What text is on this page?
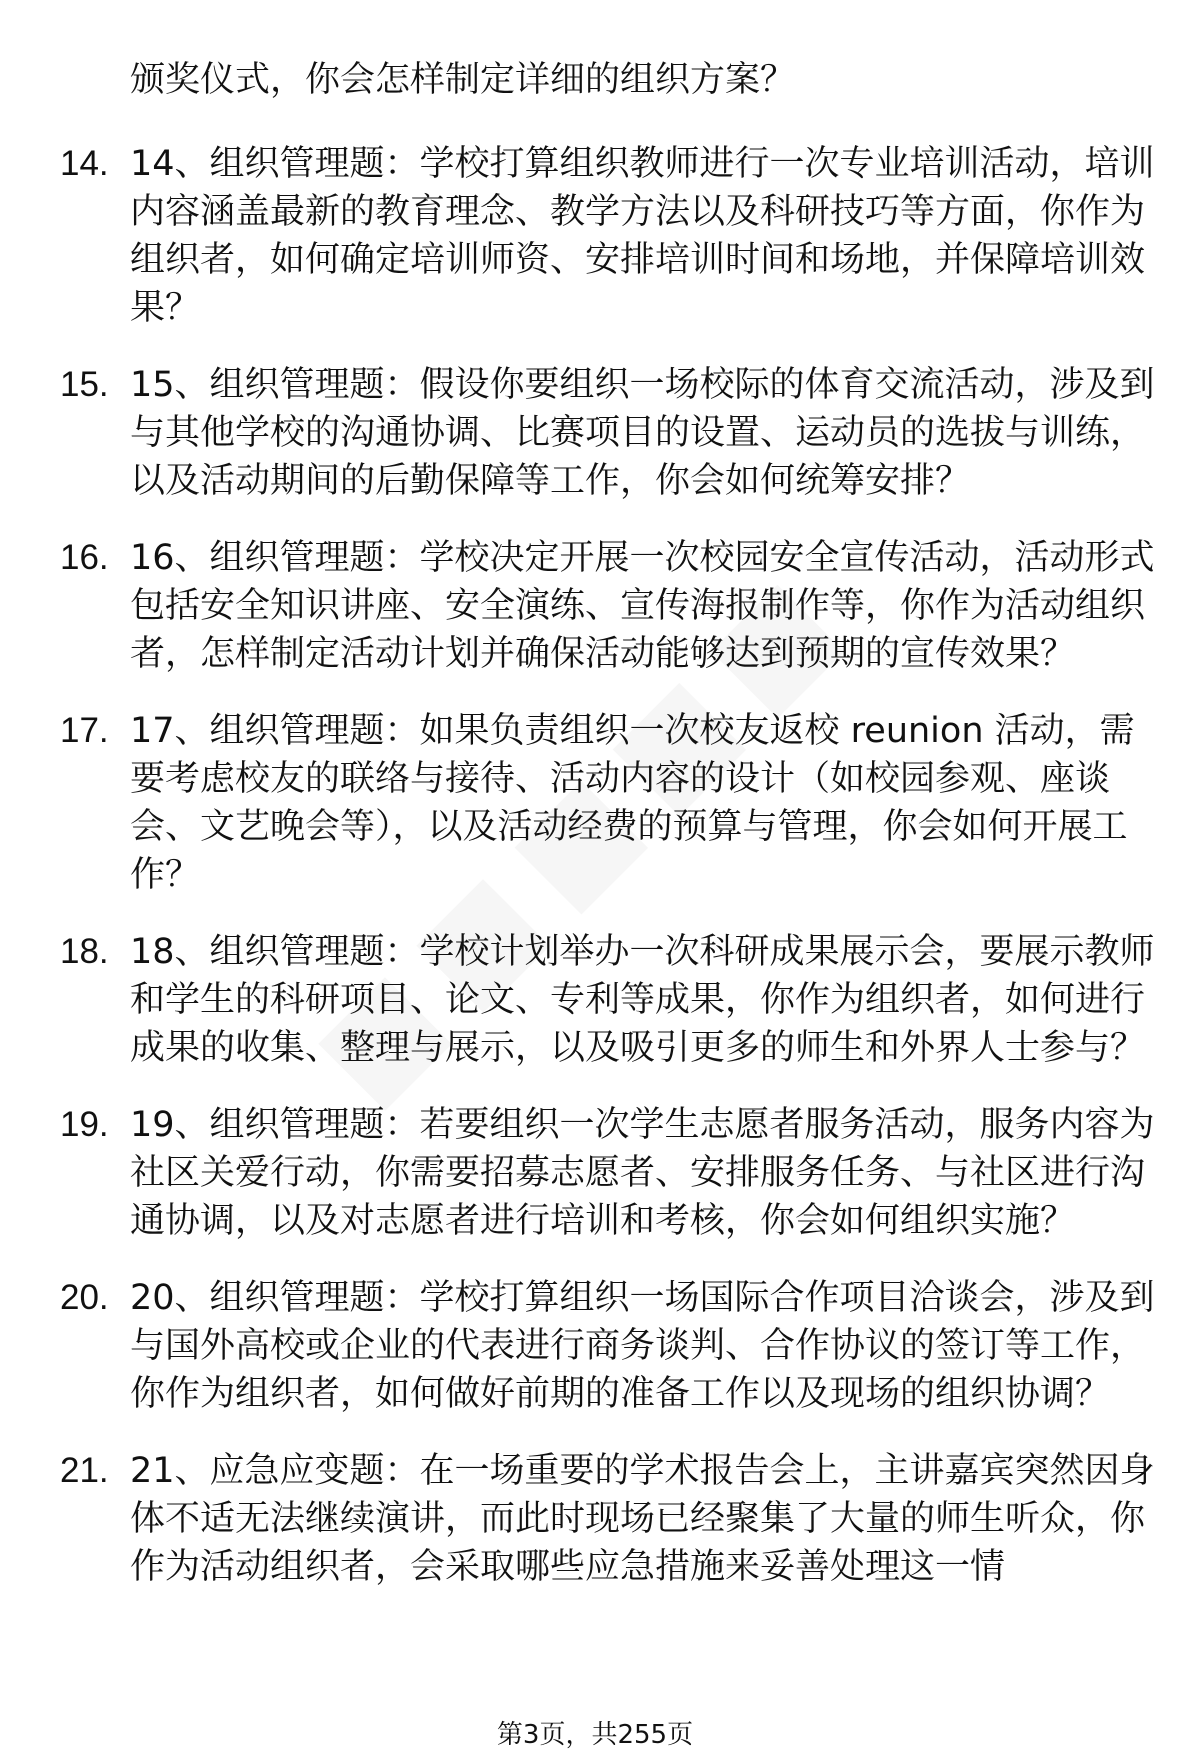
颁奖仪式，你会怎样制定详细的组织方案？

14. 14、组织管理题：学校打算组织教师进行一次专业培训活动，培训内容涵盖最新的教育理念、教学方法以及科研技巧等方面，你作为组织者，如何确定培训师资、安排培训时间和场地，并保障培训效果？
15. 15、组织管理题：假设你要组织一场校际的体育交流活动，涉及到与其他学校的沟通协调、比赛项目的设置、运动员的选拔与训练，以及活动期间的后勤保障等工作，你会如何统筹安排？
16. 16、组织管理题：学校决定开展一次校园安全宣传活动，活动形式包括安全知识讲座、安全演练、宣传海报制作等，你作为活动组织者，怎样制定活动计划并确保活动能够达到预期的宣传效果？
17. 17、组织管理题：如果负责组织一次校友返校 reunion 活动，需要考虑校友的联络与接待、活动内容的设计（如校园参观、座谈会、文艺晚会等），以及活动经费的预算与管理，你会如何开展工作？
18. 18、组织管理题：学校计划举办一次科研成果展示会，要展示教师和学生的科研项目、论文、专利等成果，你作为组织者，如何进行成果的收集、整理与展示，以及吸引更多的师生和外界人士参与？
19. 19、组织管理题：若要组织一次学生志愿者服务活动，服务内容为社区关爱行动，你需要招募志愿者、安排服务任务、与社区进行沟通协调，以及对志愿者进行培训和考核，你会如何组织实施？
20. 20、组织管理题：学校打算组织一场国际合作项目洽谈会，涉及到与国外高校或企业的代表进行商务谈判、合作协议的签订等工作，你作为组织者，如何做好前期的准备工作以及现场的组织协调？
21. 21、应急应变题：在一场重要的学术报告会上，主讲嘉宾突然因身体不适无法继续演讲，而此时现场已经聚集了大量的师生听众，你作为活动组织者，会采取哪些应急措施来妥善处理这一情
第3页，共255页
